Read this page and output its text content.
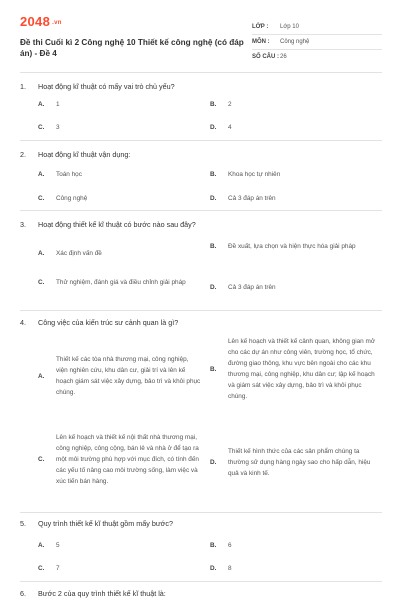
2048 .vn
Đề thi Cuối kì 2 Công nghệ 10 Thiết kế công nghệ (có đáp án) - Đề 4
LỚP :	Lớp 10
MÔN :	Công nghệ
SỐ CÂU : 26
1. Hoạt động kĩ thuật có mấy vai trò chủ yếu?
A.	1	B.	2
C.	3	D.	4
2. Hoạt động kĩ thuật vận dụng:
A.	Toán học	B.	Khoa học tự nhiên
C.	Công nghệ	D.	Cả 3 đáp án trên
3. Hoạt động thiết kế kĩ thuật có bước nào sau đây?
A.	Xác định vấn đề
B.	Đề xuất, lựa chọn và hiện thực hóa giải pháp
C.	Thử nghiệm, đánh giá và điều chỉnh giải pháp
D.	Cả 3 đáp án trên
4. Công việc của kiến trúc sư cảnh quan là gì?
A.
Thiết kế các tòa nhà thương mại, công nghiệp, viện nghiên cứu, khu dân cư, giải trí và lên kế hoạch giám sát việc xây dựng, bảo trì và khôi phục chúng.
B.
Lên kế hoạch và thiết kế cảnh quan, không gian mở cho các dự án như công viên, trường học, tổ chức, đường giao thông, khu vực bên ngoài cho các khu thương mại, công nghiệp, khu dân cư; lập kế hoạch và giám sát việc xây dựng, bảo trì và khôi phục chúng.
C.
Lên kế hoạch và thiết kế nội thất nhà thương mại, công nghiệp, công cộng, bán lẻ và nhà ở để tạo ra một môi trường phù hợp với mục đích, có tính đến các yếu tố nâng cao môi trường sống, làm việc và xúc tiến bán hàng.
D.
Thiết kế hình thức của các sản phẩm chúng ta thường sử dụng hàng ngày sao cho hấp dẫn, hiệu quả và kinh tế.
5. Quy trình thiết kế kĩ thuật gồm mấy bước?
A.	5	B.	6
C.	7	D.	8
6. Bước 2 của quy trình thiết kế kĩ thuật là:
